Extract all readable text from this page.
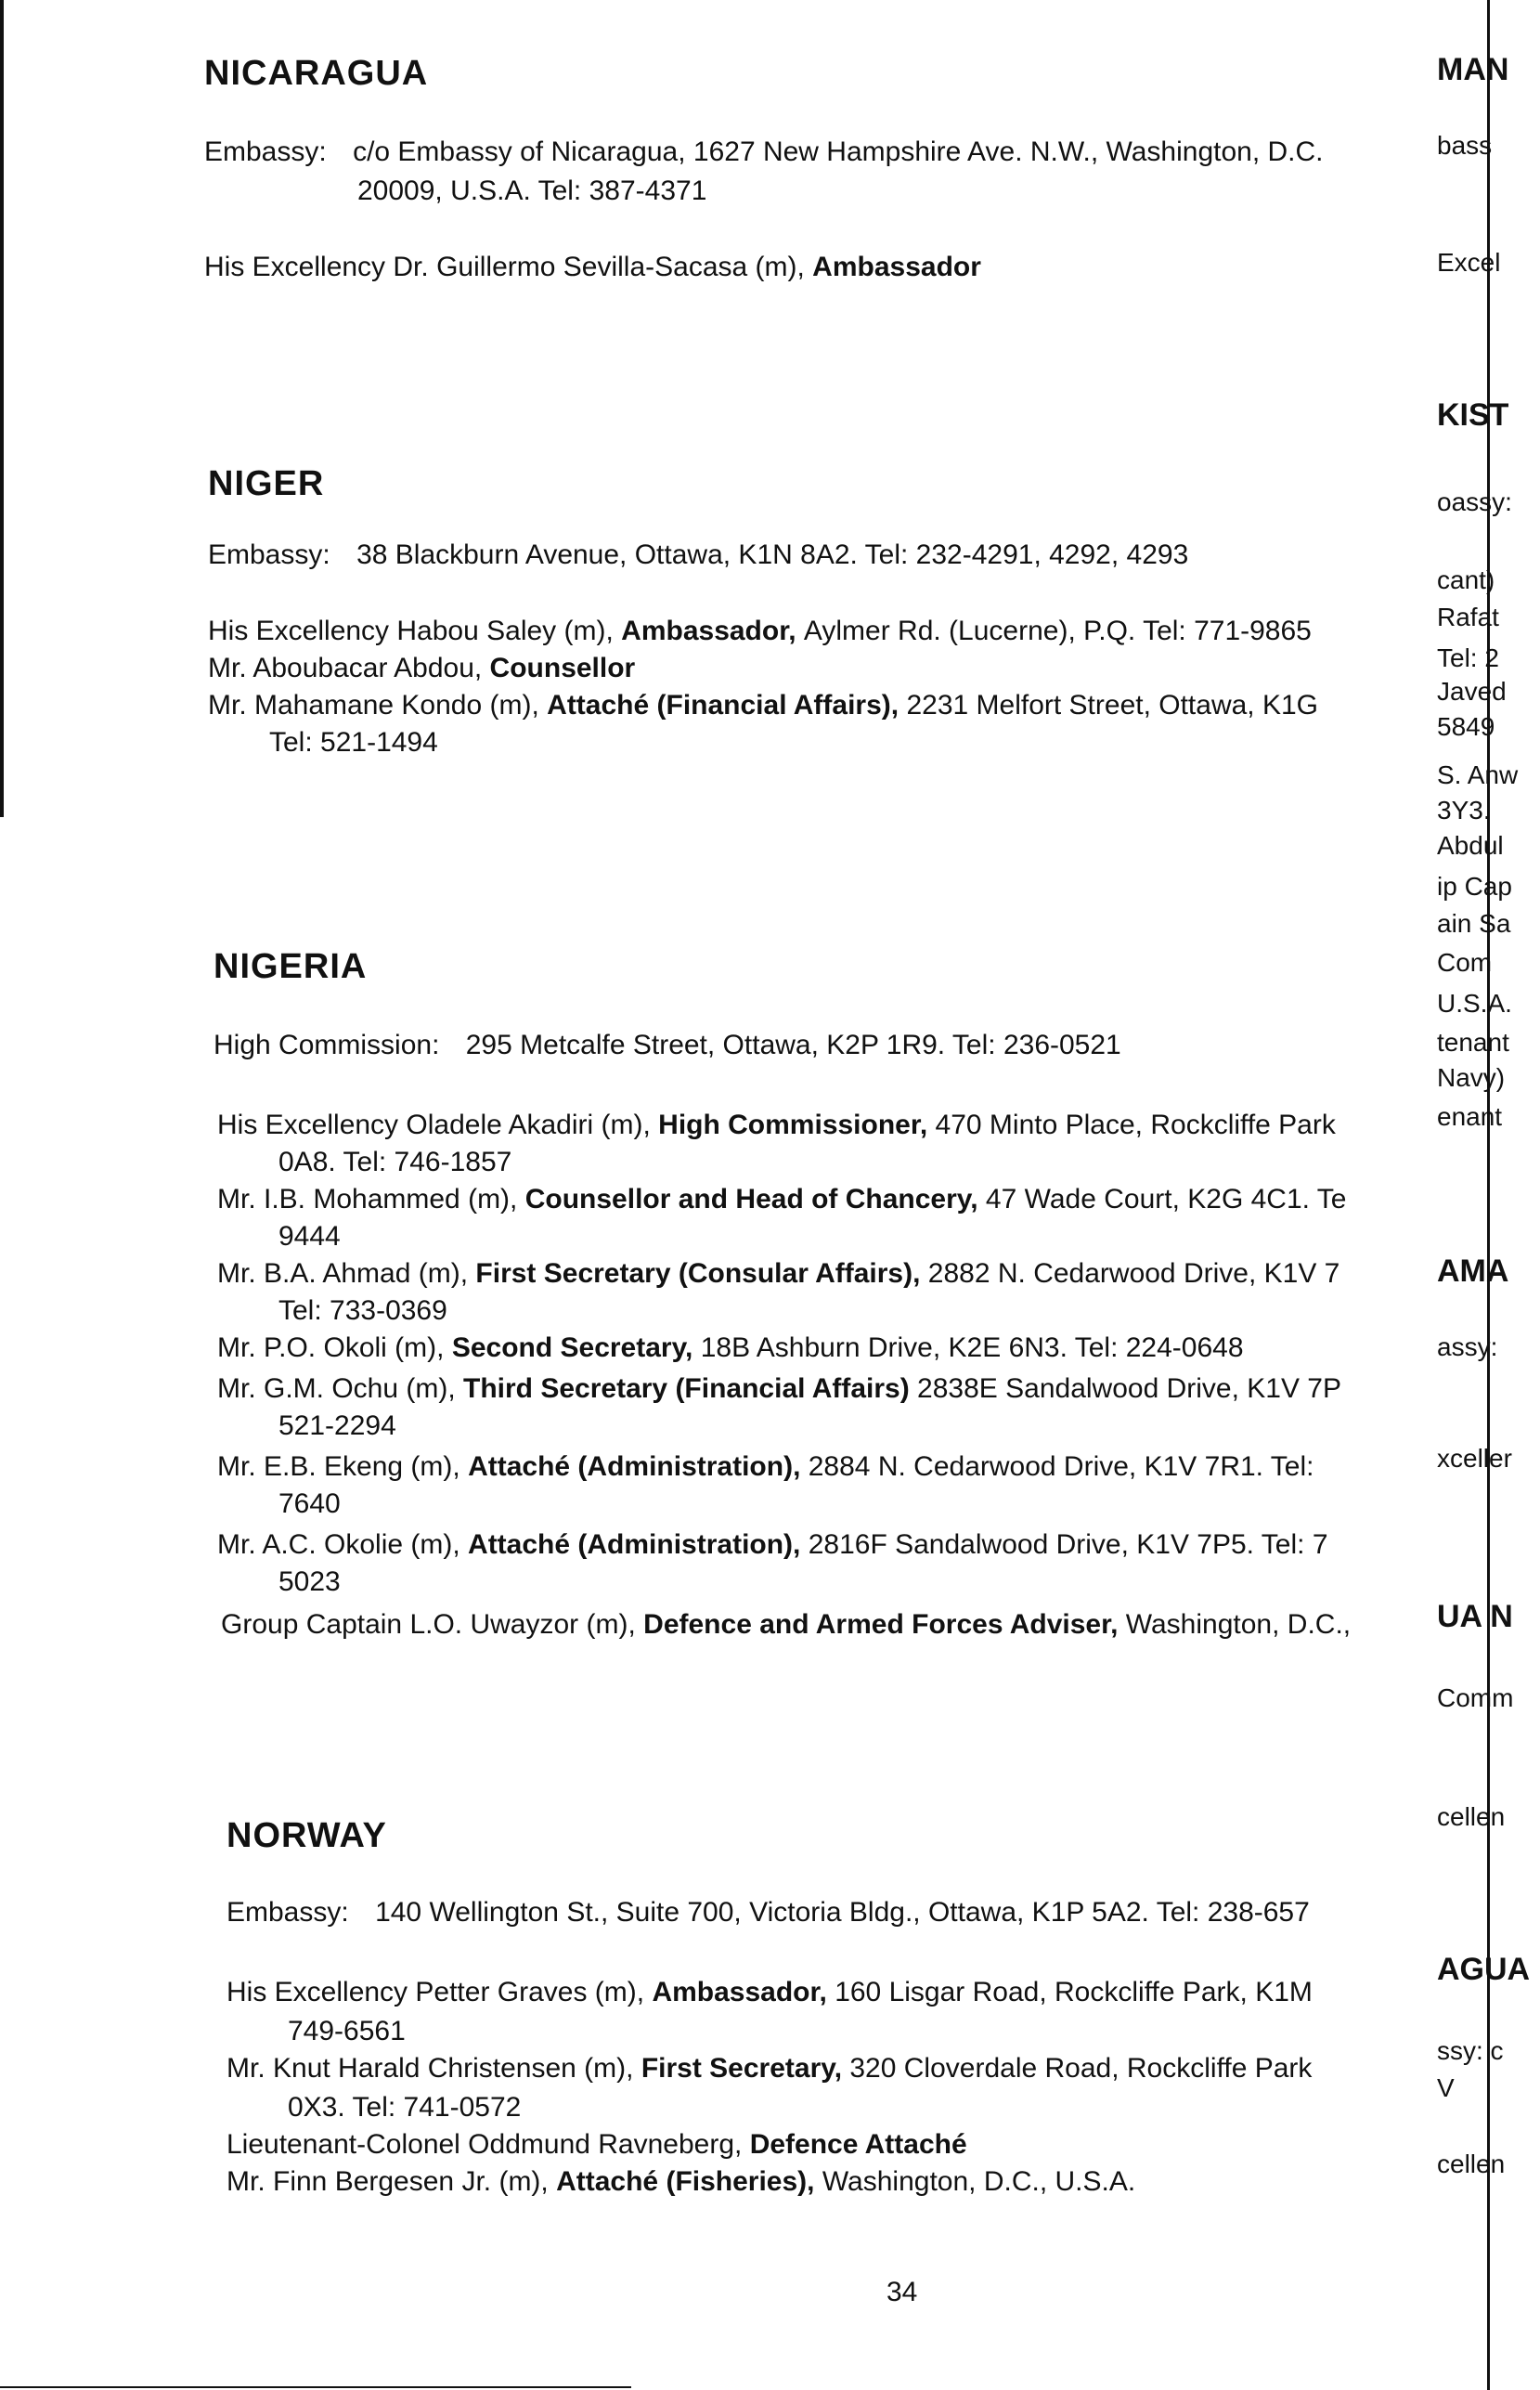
NICARAGUA
Embassy: c/o Embassy of Nicaragua, 1627 New Hampshire Ave. N.W., Washington, D.C.
20009, U.S.A. Tel: 387-4371
His Excellency Dr. Guillermo Sevilla-Sacasa (m), Ambassador
NIGER
Embassy: 38 Blackburn Avenue, Ottawa, K1N 8A2. Tel: 232-4291, 4292, 4293
His Excellency Habou Saley (m), Ambassador, Aylmer Rd. (Lucerne), P.Q. Tel: 771-9865
Mr. Aboubacar Abdou, Counsellor
Mr. Mahamane Kondo (m), Attaché (Financial Affairs), 2231 Melfort Street, Ottawa, K1G
Tel: 521-1494
NIGERIA
High Commission: 295 Metcalfe Street, Ottawa, K2P 1R9. Tel: 236-0521
His Excellency Oladele Akadiri (m), High Commissioner, 470 Minto Place, Rockcliffe Park
0A8. Tel: 746-1857
Mr. I.B. Mohammed (m), Counsellor and Head of Chancery, 47 Wade Court, K2G 4C1. Te
9444
Mr. B.A. Ahmad (m), First Secretary (Consular Affairs), 2882 N. Cedarwood Drive, K1V 7
Tel: 733-0369
Mr. P.O. Okoli (m), Second Secretary, 18B Ashburn Drive, K2E 6N3. Tel: 224-0648
Mr. G.M. Ochu (m), Third Secretary (Financial Affairs) 2838E Sandalwood Drive, K1V 7P
521-2294
Mr. E.B. Ekeng (m), Attaché (Administration), 2884 N. Cedarwood Drive, K1V 7R1. Tel:
7640
Mr. A.C. Okolie (m), Attaché (Administration), 2816F Sandalwood Drive, K1V 7P5. Tel: 7
5023
Group Captain L.O. Uwayzor (m), Defence and Armed Forces Adviser, Washington, D.C.,
NORWAY
Embassy: 140 Wellington St., Suite 700, Victoria Bldg., Ottawa, K1P 5A2. Tel: 238-657
His Excellency Petter Graves (m), Ambassador, 160 Lisgar Road, Rockcliffe Park, K1M
749-6561
Mr. Knut Harald Christensen (m), First Secretary, 320 Cloverdale Road, Rockcliffe Park
0X3. Tel: 741-0572
Lieutenant-Colonel Oddmund Ravneberg, Defence Attaché
Mr. Finn Bergesen Jr. (m), Attaché (Fisheries), Washington, D.C., U.S.A.
MAN
bass
Excel
KIST
oassy:
cant)
Rafat
Tel: 2
Javed
5849
S. Anw
3Y3.
Abdul
ip Cap
ain Sa
Com
U.S.A.
tenant
Navy)
enant
AMA
assy:
xceller
UA N
Comm
cellen
AGUA
ssy: c
V
cellen
34
